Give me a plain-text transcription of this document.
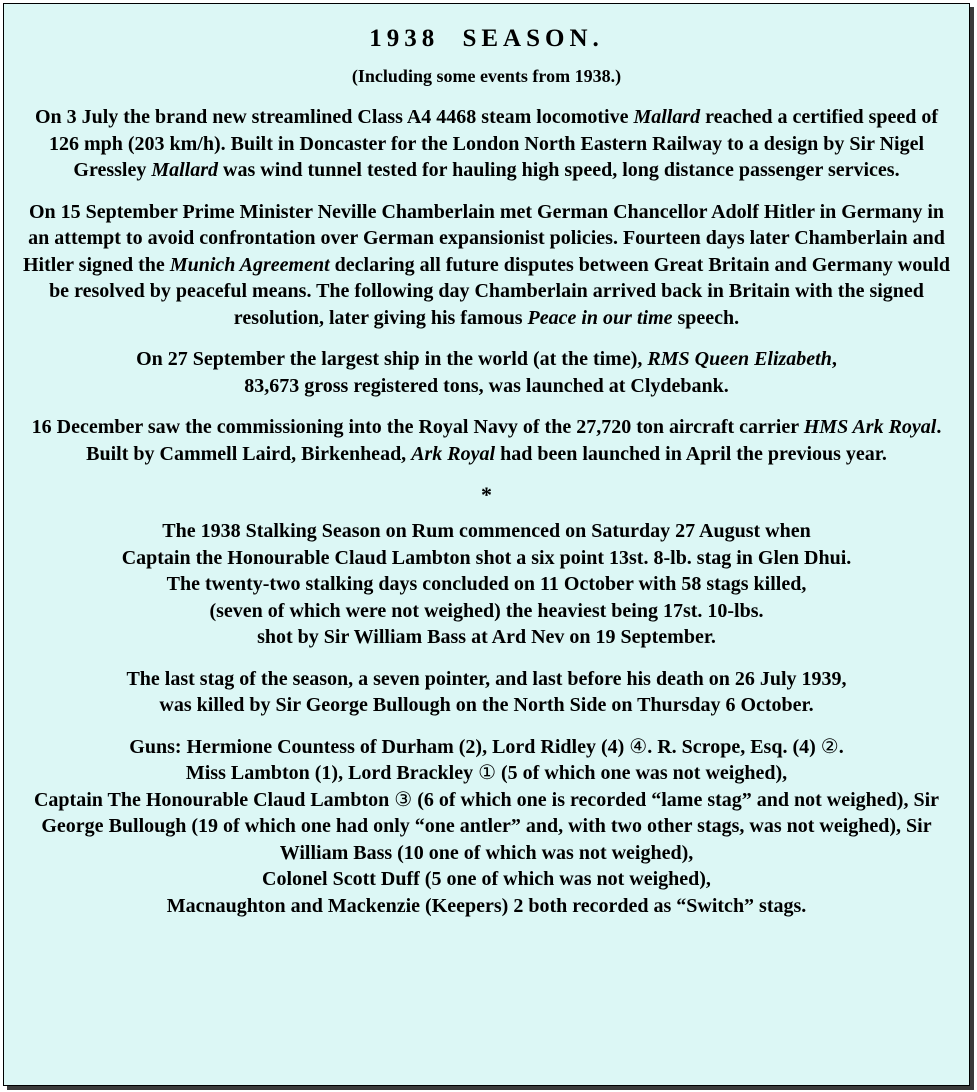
1938 SEASON.
(Including some events from 1938.)

On 3 July the brand new streamlined Class A4 4468 steam locomotive Mallard reached a certified speed of 126 mph (203 km/h). Built in Doncaster for the London North Eastern Railway to a design by Sir Nigel Gressley Mallard was wind tunnel tested for hauling high speed, long distance passenger services.

On 15 September Prime Minister Neville Chamberlain met German Chancellor Adolf Hitler in Germany in an attempt to avoid confrontation over German expansionist policies. Fourteen days later Chamberlain and Hitler signed the Munich Agreement declaring all future disputes between Great Britain and Germany would be resolved by peaceful means. The following day Chamberlain arrived back in Britain with the signed resolution, later giving his famous Peace in our time speech.

On 27 September the largest ship in the world (at the time), RMS Queen Elizabeth,
83,673 gross registered tons, was launched at Clydebank.

16 December saw the commissioning into the Royal Navy of the 27,720 ton aircraft carrier HMS Ark Royal. Built by Cammell Laird, Birkenhead, Ark Royal had been launched in April the previous year.

*

The 1938 Stalking Season on Rum commenced on Saturday 27 August when
Captain the Honourable Claud Lambton shot a six point 13st. 8-lb. stag in Glen Dhui.
The twenty-two stalking days concluded on 11 October with 58 stags killed,
(seven of which were not weighed) the heaviest being 17st. 10-lbs.
shot by Sir William Bass at Ard Nev on 19 September.

The last stag of the season, a seven pointer, and last before his death on 26 July 1939,
was killed by Sir George Bullough on the North Side on Thursday 6 October.

Guns: Hermione Countess of Durham (2), Lord Ridley (4) ④. R. Scrope, Esq. (4) ②.
Miss Lambton (1), Lord Brackley ① (5 of which one was not weighed),
Captain The Honourable Claud Lambton ③ (6 of which one is recorded “lame stag” and not weighed), Sir George Bullough (19 of which one had only “one antler” and, with two other stags, was not weighed), Sir William Bass (10 one of which was not weighed),
Colonel Scott Duff (5 one of which was not weighed),
Macnaughton and Mackenzie (Keepers) 2 both recorded as “Switch” stags.
